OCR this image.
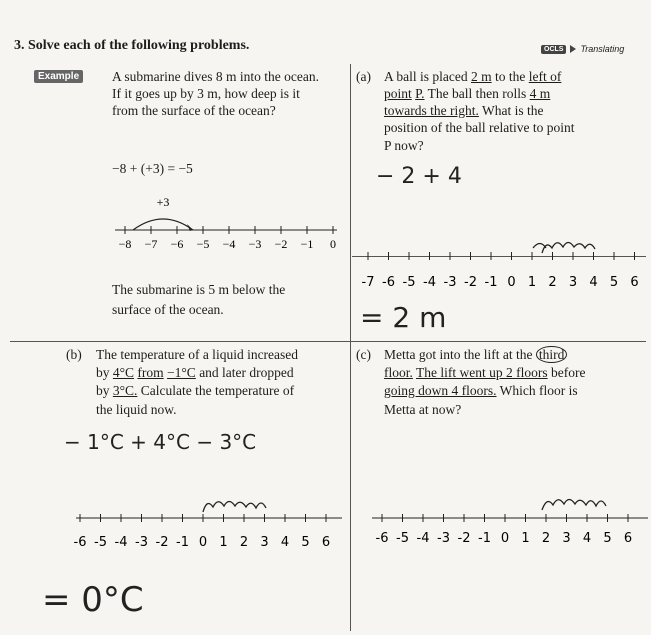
3. Solve each of the following problems.	OCLS	Translating
Example A submarine dives 8 m into the ocean.
If it goes up by 3 m, how deep is it
from the surface of the ocean?
−8 + (+3) = −5
+3
−8 −7 −6 −5 −4 −3 −2 −1 0
The submarine is 5 m below the
surface of the ocean.
(a) A ball is placed 2 m to the left of
point P. The ball then rolls 4 m
towards the right. What is the
position of the ball relative to point
P now?
− 2 + 4
-7 -6 -5 -4 -3 -2 -1 0 1 2 3 4 5 6
= 2 m
(b) The temperature of a liquid increased
by 4°C from −1°C and later dropped
by 3°C. Calculate the temperature of
the liquid now.
− 1°C + 4°C − 3°C
-6 -5 -4 -3 -2 -1 0 1 2 3 4 5 6
= 0°C
(c) Metta got into the lift at the third
floor. The lift went up 2 floors before
going down 4 floors. Which floor is
Metta at now?
-6 -5 -4 -3 -2 -1 0 1 2 3 4 5 6
